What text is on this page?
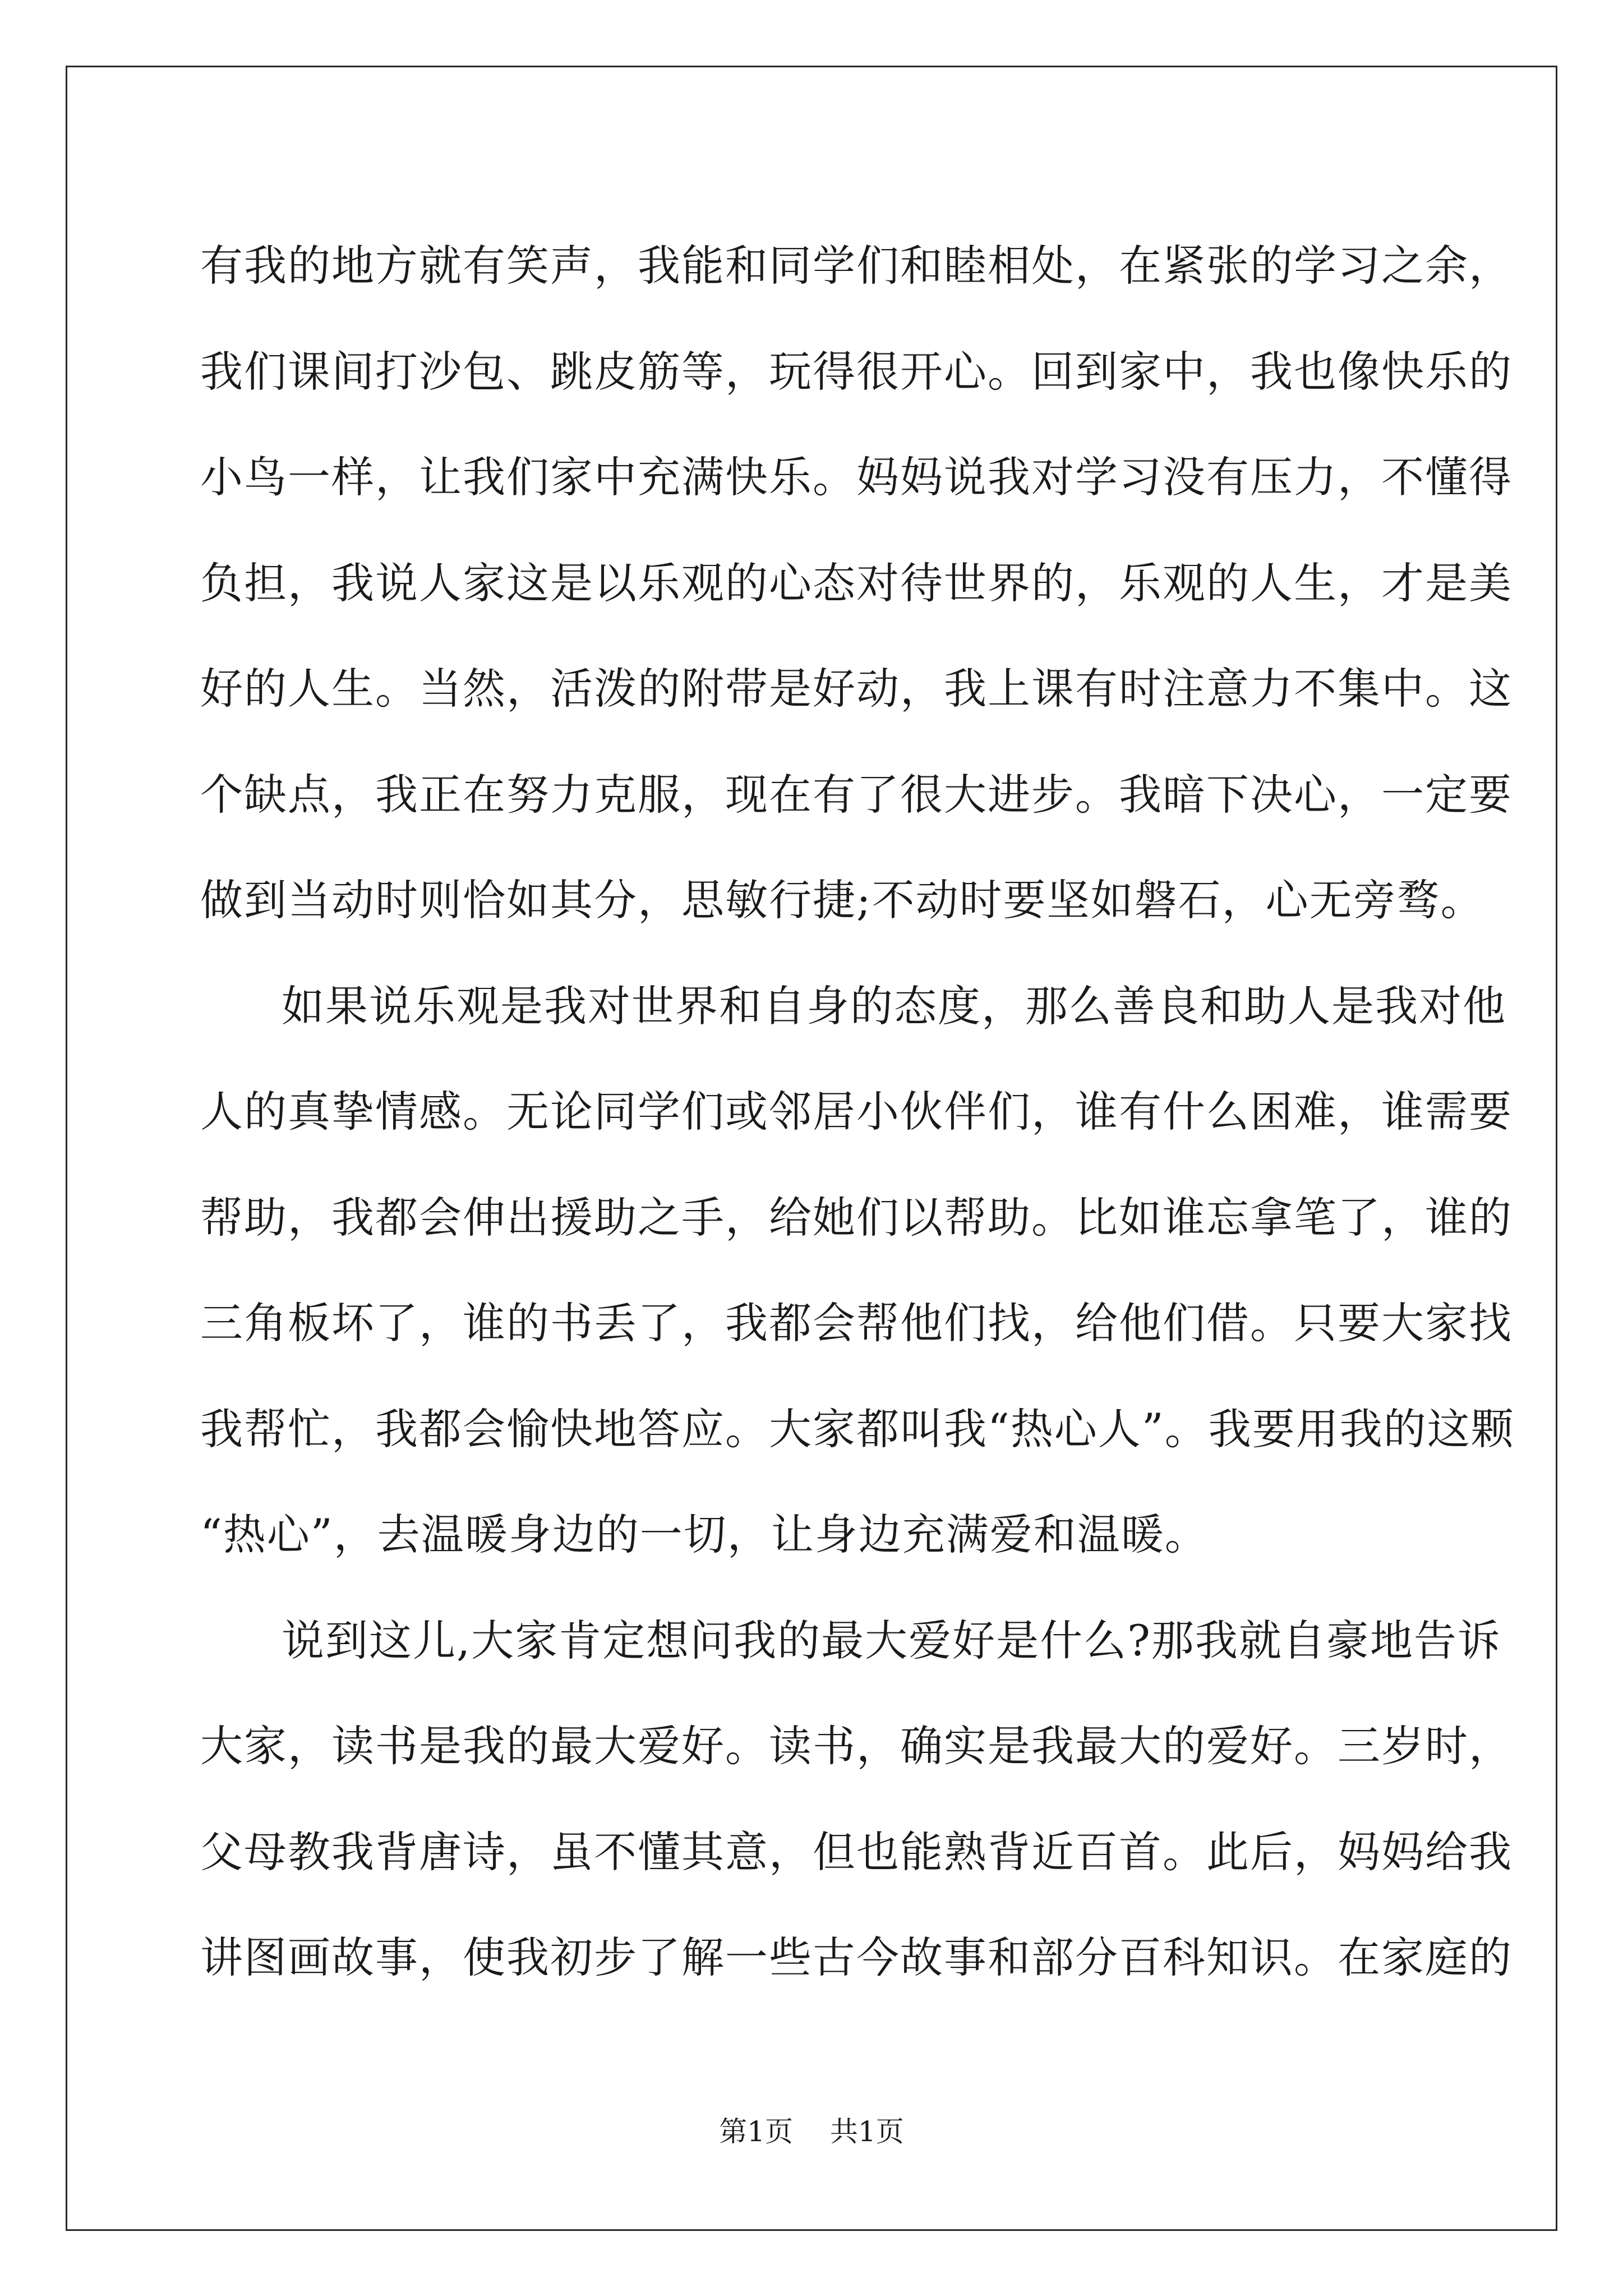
有我的地方就有笑声，我能和同学们和睦相处，在紧张的学习之余，
我们课间打沙包、跳皮筋等，玩得很开心。回到家中，我也像快乐的
小鸟一样，让我们家中充满快乐。妈妈说我对学习没有压力，不懂得
负担，我说人家这是以乐观的心态对待世界的，乐观的人生，才是美
好的人生。当然，活泼的附带是好动，我上课有时注意力不集中。这
个缺点，我正在努力克服，现在有了很大进步。我暗下决心，一定要
做到当动时则恰如其分，思敏行捷;不动时要坚如磐石，心无旁骛。
如果说乐观是我对世界和自身的态度，那么善良和助人是我对他
人的真挚情感。无论同学们或邻居小伙伴们，谁有什么困难，谁需要
帮助，我都会伸出援助之手，给她们以帮助。比如谁忘拿笔了，谁的
三角板坏了，谁的书丢了，我都会帮他们找，给他们借。只要大家找
我帮忙，我都会愉快地答应。大家都叫我“热心人”。我要用我的这颗
“热心”，去温暖身边的一切，让身边充满爱和温暖。
说到这儿,大家肯定想问我的最大爱好是什么?那我就自豪地告诉
大家，读书是我的最大爱好。读书，确实是我最大的爱好。三岁时，
父母教我背唐诗，虽不懂其意，但也能熟背近百首。此后，妈妈给我
讲图画故事，使我初步了解一些古今故事和部分百科知识。在家庭的
第1页 共1页
